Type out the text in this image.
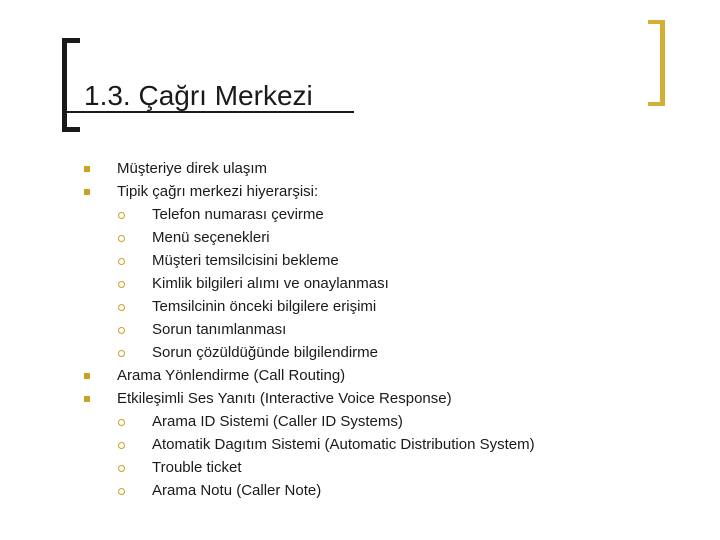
1.3. Çağrı Merkezi
Müşteriye direk ulaşım
Tipik çağrı merkezi hiyerarşisi:
Telefon numarası çevirme
Menü seçenekleri
Müşteri temsilcisini bekleme
Kimlik bilgileri alımı ve onaylanması
Temsilcinin önceki bilgilere erişimi
Sorun tanımlanması
Sorun çözüldüğünde bilgilendirme
Arama Yönlendirme (Call Routing)
Etkileşimli Ses Yanıtı (Interactive Voice Response)
Arama ID Sistemi (Caller ID Systems)
Atomatik Dagıtım Sistemi (Automatic Distribution System)
Trouble ticket
Arama Notu (Caller Note)
